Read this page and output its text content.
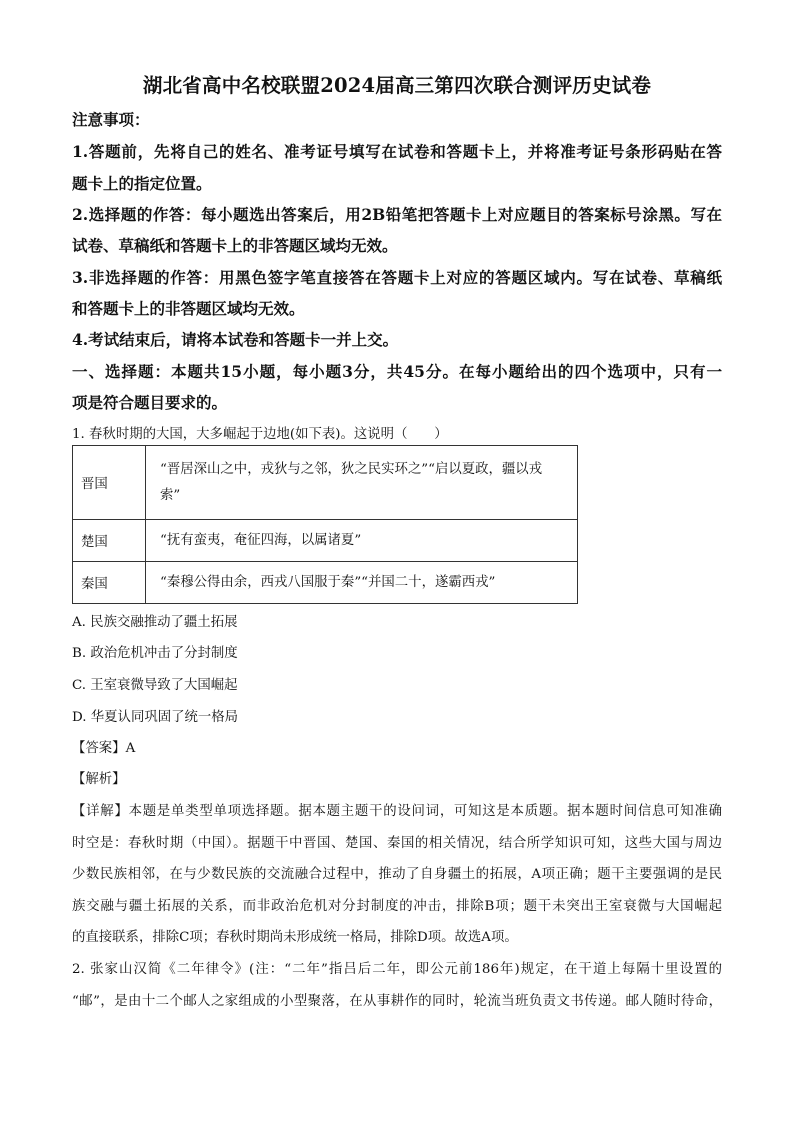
湖北省高中名校联盟2024届高三第四次联合测评历史试卷
注意事项：
1.答题前，先将自己的姓名、准考证号填写在试卷和答题卡上，并将准考证号条形码贴在答
题卡上的指定位置。
2.选择题的作答：每小题选出答案后，用2B铅笔把答题卡上对应题目的答案标号涂黑。写在
试卷、草稿纸和答题卡上的非答题区域均无效。
3.非选择题的作答：用黑色签字笔直接答在答题卡上对应的答题区域内。写在试卷、草稿纸
和答题卡上的非答题区域均无效。
4.考试结束后，请将本试卷和答题卡一并上交。
一、选择题：本题共15小题，每小题3分，共45分。在每小题给出的四个选项中，只有一
项是符合题目要求的。
1. 春秋时期的大国，大多崛起于边地(如下表)。这说明（　　）
晋国	“晋居深山之中，戎狄与之邻，狄之民实环之”“启以夏政，疆以戎
索”

楚国	“抚有蛮夷，奄征四海，以属诸夏”

秦国	“秦穆公得由余，西戎八国服于秦”“并国二十，遂霸西戎”
A. 民族交融推动了疆土拓展
B. 政治危机冲击了分封制度
C. 王室衰微导致了大国崛起
D. 华夏认同巩固了统一格局
【答案】A
【解析】
【详解】本题是单类型单项选择题。据本题主题干的设问词，可知这是本质题。据本题时间信息可知准确
时空是：春秋时期（中国）。据题干中晋国、楚国、秦国的相关情况，结合所学知识可知，这些大国与周边
少数民族相邻，在与少数民族的交流融合过程中，推动了自身疆土的拓展，A项正确；题干主要强调的是民
族交融与疆土拓展的关系，而非政治危机对分封制度的冲击，排除B项；题干未突出王室衰微与大国崛起
的直接联系，排除C项；春秋时期尚未形成统一格局，排除D项。故选A项。
2. 张家山汉简《二年律令》(注：“二年”指吕后二年，即公元前186年)规定，在干道上每隔十里设置的
“邮”，是由十二个邮人之家组成的小型聚落，在从事耕作的同时，轮流当班负责文书传递。邮人随时待命，
